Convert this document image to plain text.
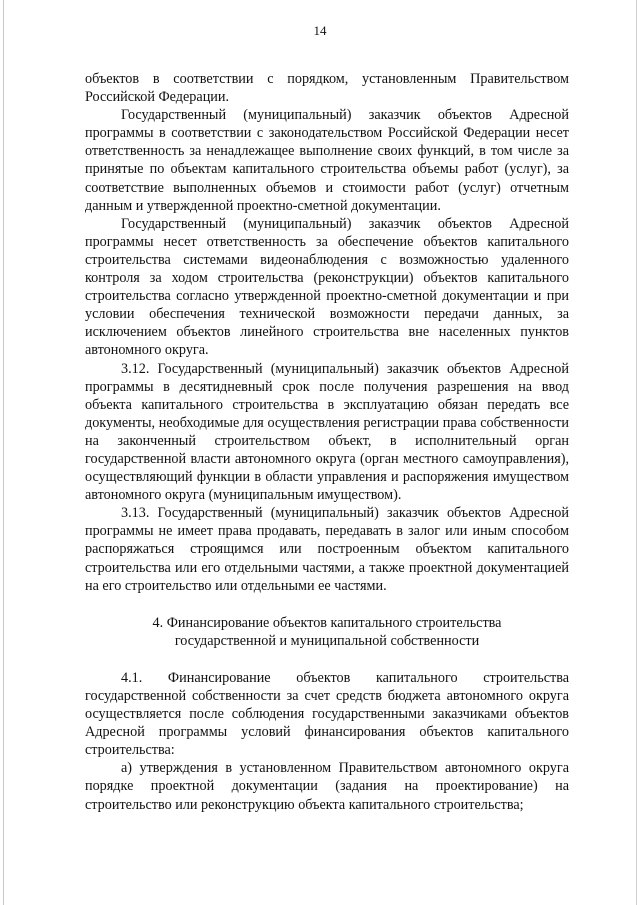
14

объектов в соответствии с порядком, установленным Правительством Российской Федерации.

Государственный (муниципальный) заказчик объектов Адресной программы в соответствии с законодательством Российской Федерации несет ответственность за ненадлежащее выполнение своих функций, в том числе за принятые по объектам капитального строительства объемы работ (услуг), за соответствие выполненных объемов и стоимости работ (услуг) отчетным данным и утвержденной проектно-сметной документации.

Государственный (муниципальный) заказчик объектов Адресной программы несет ответственность за обеспечение объектов капитального строительства системами видеонаблюдения с возможностью удаленного контроля за ходом строительства (реконструкции) объектов капитального строительства согласно утвержденной проектно-сметной документации и при условии обеспечения технической возможности передачи данных, за исключением объектов линейного строительства вне населенных пунктов автономного округа.

3.12. Государственный (муниципальный) заказчик объектов Адресной программы в десятидневный срок после получения разрешения на ввод объекта капитального строительства в эксплуатацию обязан передать все документы, необходимые для осуществления регистрации права собственности на законченный строительством объект, в исполнительный орган государственной власти автономного округа (орган местного самоуправления), осуществляющий функции в области управления и распоряжения имуществом автономного округа (муниципальным имуществом).

3.13. Государственный (муниципальный) заказчик объектов Адресной программы не имеет права продавать, передавать в залог или иным способом распоряжаться строящимся или построенным объектом капитального строительства или его отдельными частями, а также проектной документацией на его строительство или отдельными ее частями.

4. Финансирование объектов капитального строительства
государственной и муниципальной собственности

4.1. Финансирование объектов капитального строительства государственной собственности за счет средств бюджета автономного округа осуществляется после соблюдения государственными заказчиками объектов Адресной программы условий финансирования объектов капитального строительства:

а) утверждения в установленном Правительством автономного округа порядке проектной документации (задания на проектирование) на строительство или реконструкцию объекта капитального строительства;
